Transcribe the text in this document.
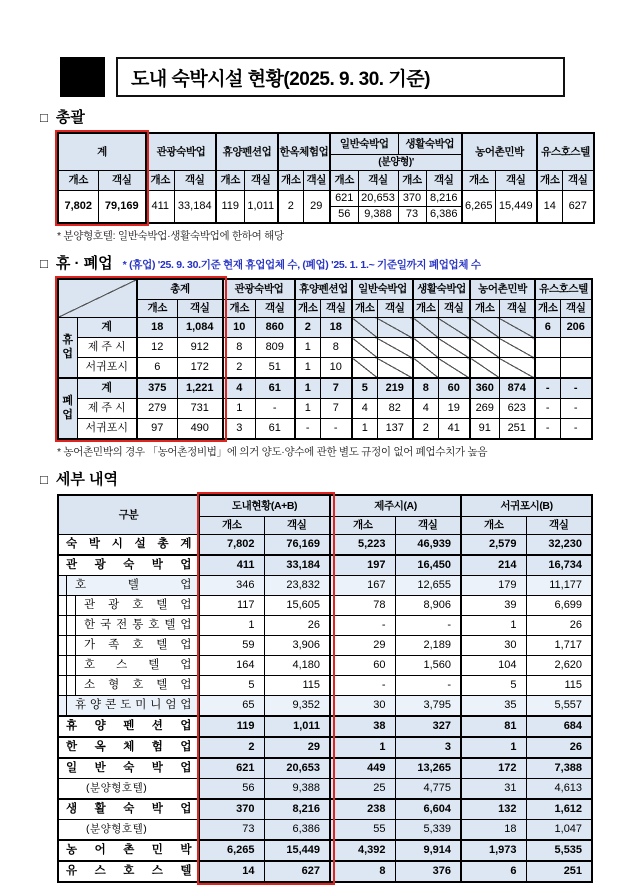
도내 숙박시설 현황(2025. 9. 30. 기준)
□ 총괄
계		관광숙박업		휴양펜션업		한옥체험업		일반숙박업		생활숙박업		농어촌민박		유스호스텔	
								(분양형)'							
개소	객실	개소	객실	개소	객실	개소	객실	개소	객실	개소	객실	개소	객실	개소	객실
7,802	79,169	411	33,184	119	1,011	2	29	621	20,653	370	8,216	6,265	15,449	14	627
								56	9,388	73	6,386				
* 분양형호텔: 일반숙박업·생활숙박업에 한하여 해당
□ 휴 · 폐업 * (휴업) '25. 9. 30.기준 현재 휴업업체 수, (폐업) '25. 1. 1.~ 기준일까지 폐업업체 수
		총계		관광숙박업		휴양펜션업		일반숙박업		생활숙박업		농어촌민박		유스호스텔	
		개소	객실	개소	객실	개소	객실	개소	객실	개소	객실	개소	객실	개소	객실
휴업	계	18	1,084	10	860	2	18							6	206
	제 주 시	12	912	8	809	1	8								
	서귀포시	6	172	2	51	1	10								
폐업	계	375	1,221	4	61	1	7	5	219	8	60	360	874	-	-
	제 주 시	279	731	1	-	1	7	4	82	4	19	269	623	-	-
	서귀포시	97	490	3	61	-	-	1	137	2	41	91	251	-	-
* 농어촌민박의 경우 「농어촌정비법」에 의거 양도·양수에 관한 별도 규정이 없어 폐업수치가 높음
□ 세부 내역
구분	도내현황(A+B)		제주시(A)		서귀포시(B)	
	개소	객실	개소	객실	개소	객실
숙 박 시 설 총 계	7,802	76,169	5,223	46,939	2,579	32,230
관 광 숙 박 업	411	33,184	197	16,450	214	16,734
호 텔 업	346	23,832	167	12,655	179	11,177
관 광 호 텔 업	117	15,605	78	8,906	39	6,699
한 국 전 통 호 텔 업	1	26	-	-	1	26
가 족 호 텔 업	59	3,906	29	2,189	30	1,717
호 스 텔 업	164	4,180	60	1,560	104	2,620
소 형 호 텔 업	5	115	-	-	5	115
휴 양 콘 도 미 니 엄 업	65	9,352	30	3,795	35	5,557
휴 양 펜 션 업	119	1,011	38	327	81	684
한 옥 체 험 업	2	29	1	3	1	26
일 반 숙 박 업	621	20,653	449	13,265	172	7,388
(분양형호텔)	56	9,388	25	4,775	31	4,613
생 활 숙 박 업	370	8,216	238	6,604	132	1,612
(분양형호텔)	73	6,386	55	5,339	18	1,047
농 어 촌 민 박	6,265	15,449	4,392	9,914	1,973	5,535
유 스 호 스 텔	14	627	8	376	6	251
